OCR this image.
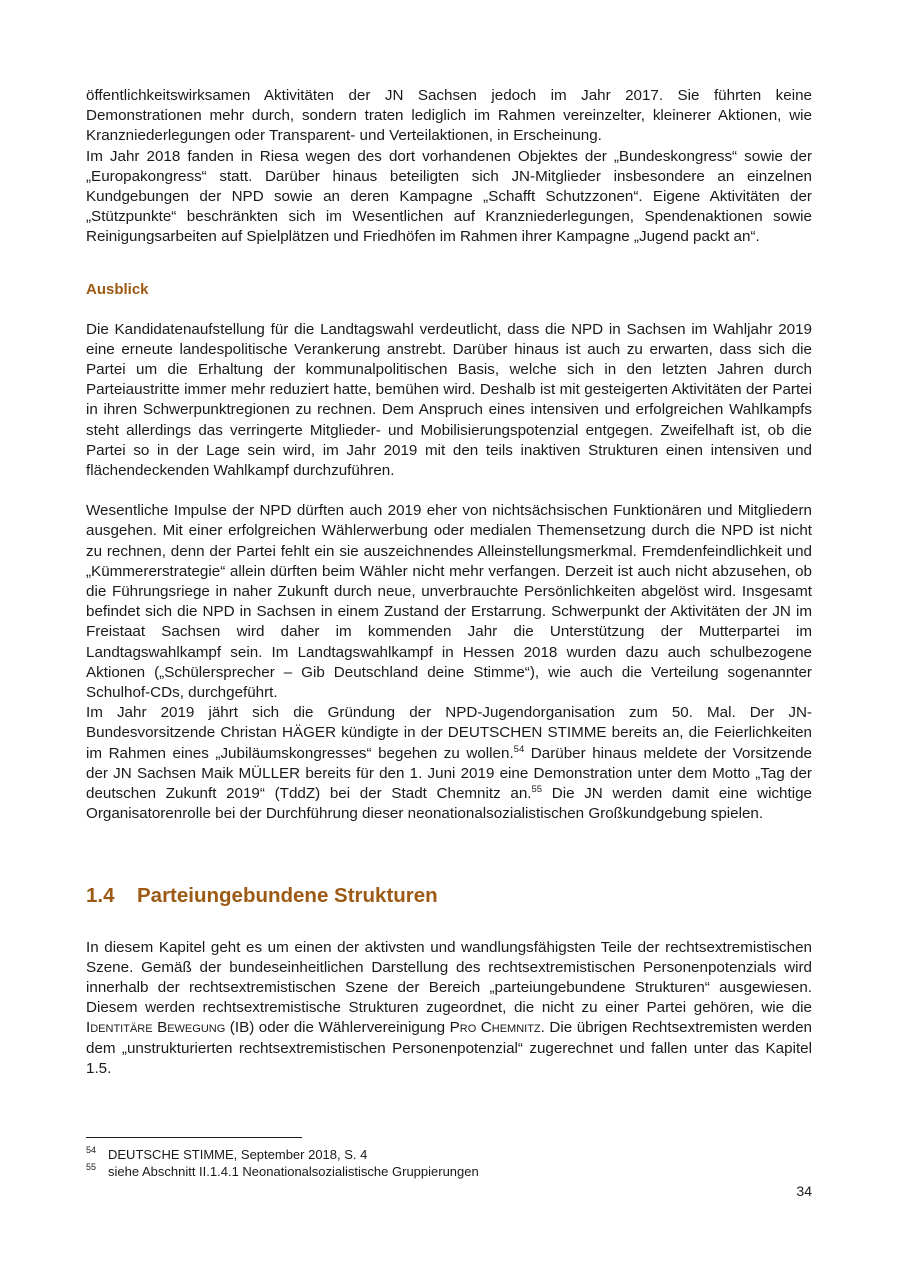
öffentlichkeitswirksamen Aktivitäten der JN Sachsen jedoch im Jahr 2017. Sie führten keine Demonstrationen mehr durch, sondern traten lediglich im Rahmen vereinzelter, kleinerer Aktionen, wie Kranzniederlegungen oder Transparent- und Verteilaktionen, in Erscheinung.

Im Jahr 2018 fanden in Riesa wegen des dort vorhandenen Objektes der „Bundeskongress“ sowie der „Europakongress“ statt. Darüber hinaus beteiligten sich JN-Mitglieder insbesondere an einzelnen Kundgebungen der NPD sowie an deren Kampagne „Schafft Schutzzonen“. Eigene Aktivitäten der „Stützpunkte“ beschränkten sich im Wesentlichen auf Kranzniederlegungen, Spendenaktionen sowie Reinigungsarbeiten auf Spielplätzen und Friedhöfen im Rahmen ihrer Kampagne „Jugend packt an“.

Ausblick

Die Kandidatenaufstellung für die Landtagswahl verdeutlicht, dass die NPD in Sachsen im Wahljahr 2019 eine erneute landespolitische Verankerung anstrebt. Darüber hinaus ist auch zu erwarten, dass sich die Partei um die Erhaltung der kommunalpolitischen Basis, welche sich in den letzten Jahren durch Parteiaustritte immer mehr reduziert hatte, bemühen wird. Deshalb ist mit gesteigerten Aktivitäten der Partei in ihren Schwerpunktregionen zu rechnen. Dem Anspruch eines intensiven und erfolgreichen Wahlkampfs steht allerdings das verringerte Mitglieder- und Mobilisierungspotenzial entgegen. Zweifelhaft ist, ob die Partei so in der Lage sein wird, im Jahr 2019 mit den teils inaktiven Strukturen einen intensiven und flächendeckenden Wahlkampf durchzuführen.

Wesentliche Impulse der NPD dürften auch 2019 eher von nichtsächsischen Funktionären und Mitgliedern ausgehen. Mit einer erfolgreichen Wählerwerbung oder medialen Themensetzung durch die NPD ist nicht zu rechnen, denn der Partei fehlt ein sie auszeichnendes Alleinstellungsmerkmal. Fremdenfeindlichkeit und „Kümmererstrategie“ allein dürften beim Wähler nicht mehr verfangen. Derzeit ist auch nicht abzusehen, ob die Führungsriege in naher Zukunft durch neue, unverbrauchte Persönlichkeiten abgelöst wird. Insgesamt befindet sich die NPD in Sachsen in einem Zustand der Erstarrung. Schwerpunkt der Aktivitäten der JN im Freistaat Sachsen wird daher im kommenden Jahr die Unterstützung der Mutterpartei im Landtagswahlkampf sein. Im Landtagswahlkampf in Hessen 2018 wurden dazu auch schulbezogene Aktionen („Schülersprecher – Gib Deutschland deine Stimme“), wie auch die Verteilung sogenannter Schulhof-CDs, durchgeführt.

Im Jahr 2019 jährt sich die Gründung der NPD-Jugendorganisation zum 50. Mal. Der JN-Bundesvorsitzende Christan HÄGER kündigte in der DEUTSCHEN STIMME bereits an, die Feierlichkeiten im Rahmen eines „Jubiläumskongresses“ begehen zu wollen.$^{54}$ Darüber hinaus meldete der Vorsitzende der JN Sachsen Maik MÜLLER bereits für den 1. Juni 2019 eine Demonstration unter dem Motto „Tag der deutschen Zukunft 2019“ (TddZ) bei der Stadt Chemnitz an.$^{55}$ Die JN werden damit eine wichtige Organisatorenrolle bei der Durchführung dieser neonationalsozialistischen Großkundgebung spielen.

1.4 Parteiungebundene Strukturen

In diesem Kapitel geht es um einen der aktivsten und wandlungsfähigsten Teile der rechtsextremistischen Szene. Gemäß der bundeseinheitlichen Darstellung des rechtsextremistischen Personenpotenzials wird innerhalb der rechtsextremistischen Szene der Bereich „parteiungebundene Strukturen“ ausgewiesen. Diesem werden rechtsextremistische Strukturen zugeordnet, die nicht zu einer Partei gehören, wie die Identitäre Bewegung (IB) oder die Wählervereinigung Pro Chemnitz. Die übrigen Rechtsextremisten werden dem „unstrukturierten rechtsextremistischen Personenpotenzial“ zugerechnet und fallen unter das Kapitel 1.5.

54 DEUTSCHE STIMME, September 2018, S. 4
55 siehe Abschnitt II.1.4.1 Neonationalsozialistische Gruppierungen
34
